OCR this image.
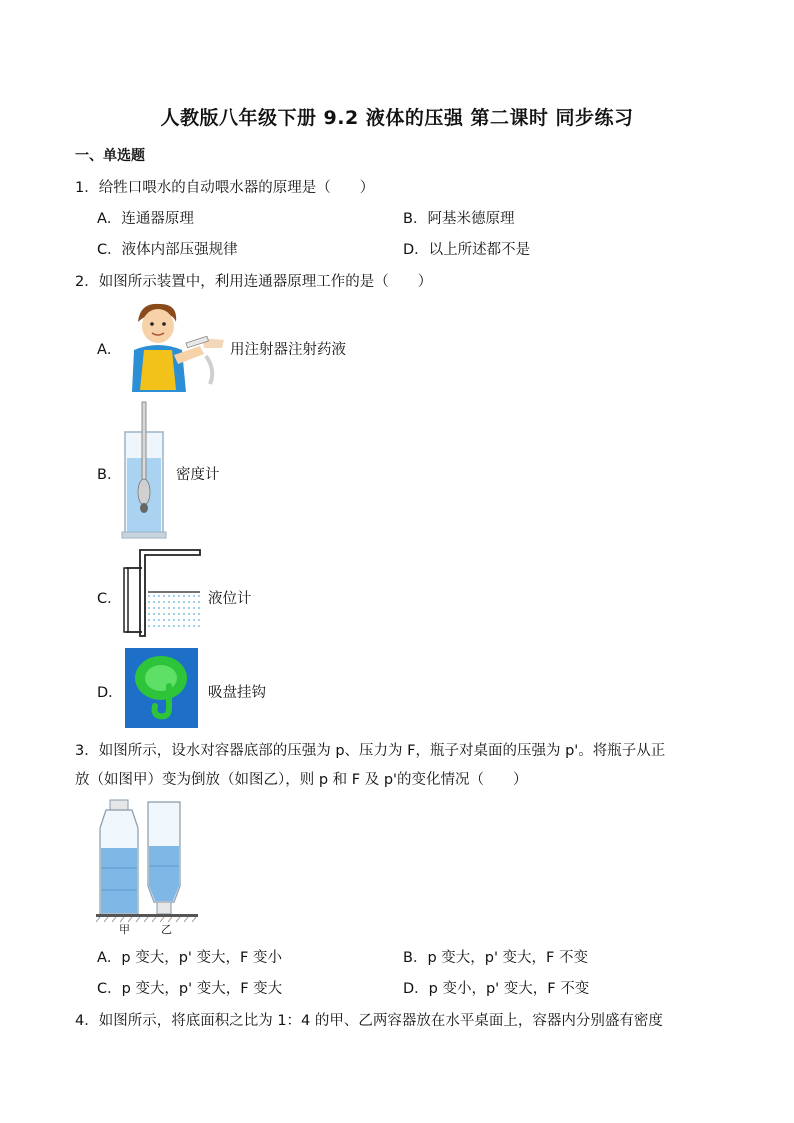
人教版八年级下册 9.2 液体的压强 第二课时 同步练习
一、单选题
1．给牲口喂水的自动喂水器的原理是（　　）
A．连通器原理	B．阿基米德原理
C．液体内部压强规律	D．以上所述都不是
2．如图所示装置中，利用连通器原理工作的是（　　）
A．	用注射器注射药液
B．	密度计
C．	液位计
D．	吸盘挂钩
3．如图所示，设水对容器底部的压强为 p、压力为 F，瓶子对桌面的压强为 p'。将瓶子从正
放（如图甲）变为倒放（如图乙），则 p 和 F 及 p'的变化情况（　　）
甲	乙
A．p 变大，p' 变大，F 变小	B．p 变大，p' 变大，F 不变
C．p 变大，p' 变大，F 变大	D．p 变小，p' 变大，F 不变
4．如图所示，将底面积之比为 1：4 的甲、乙两容器放在水平桌面上，容器内分别盛有密度
